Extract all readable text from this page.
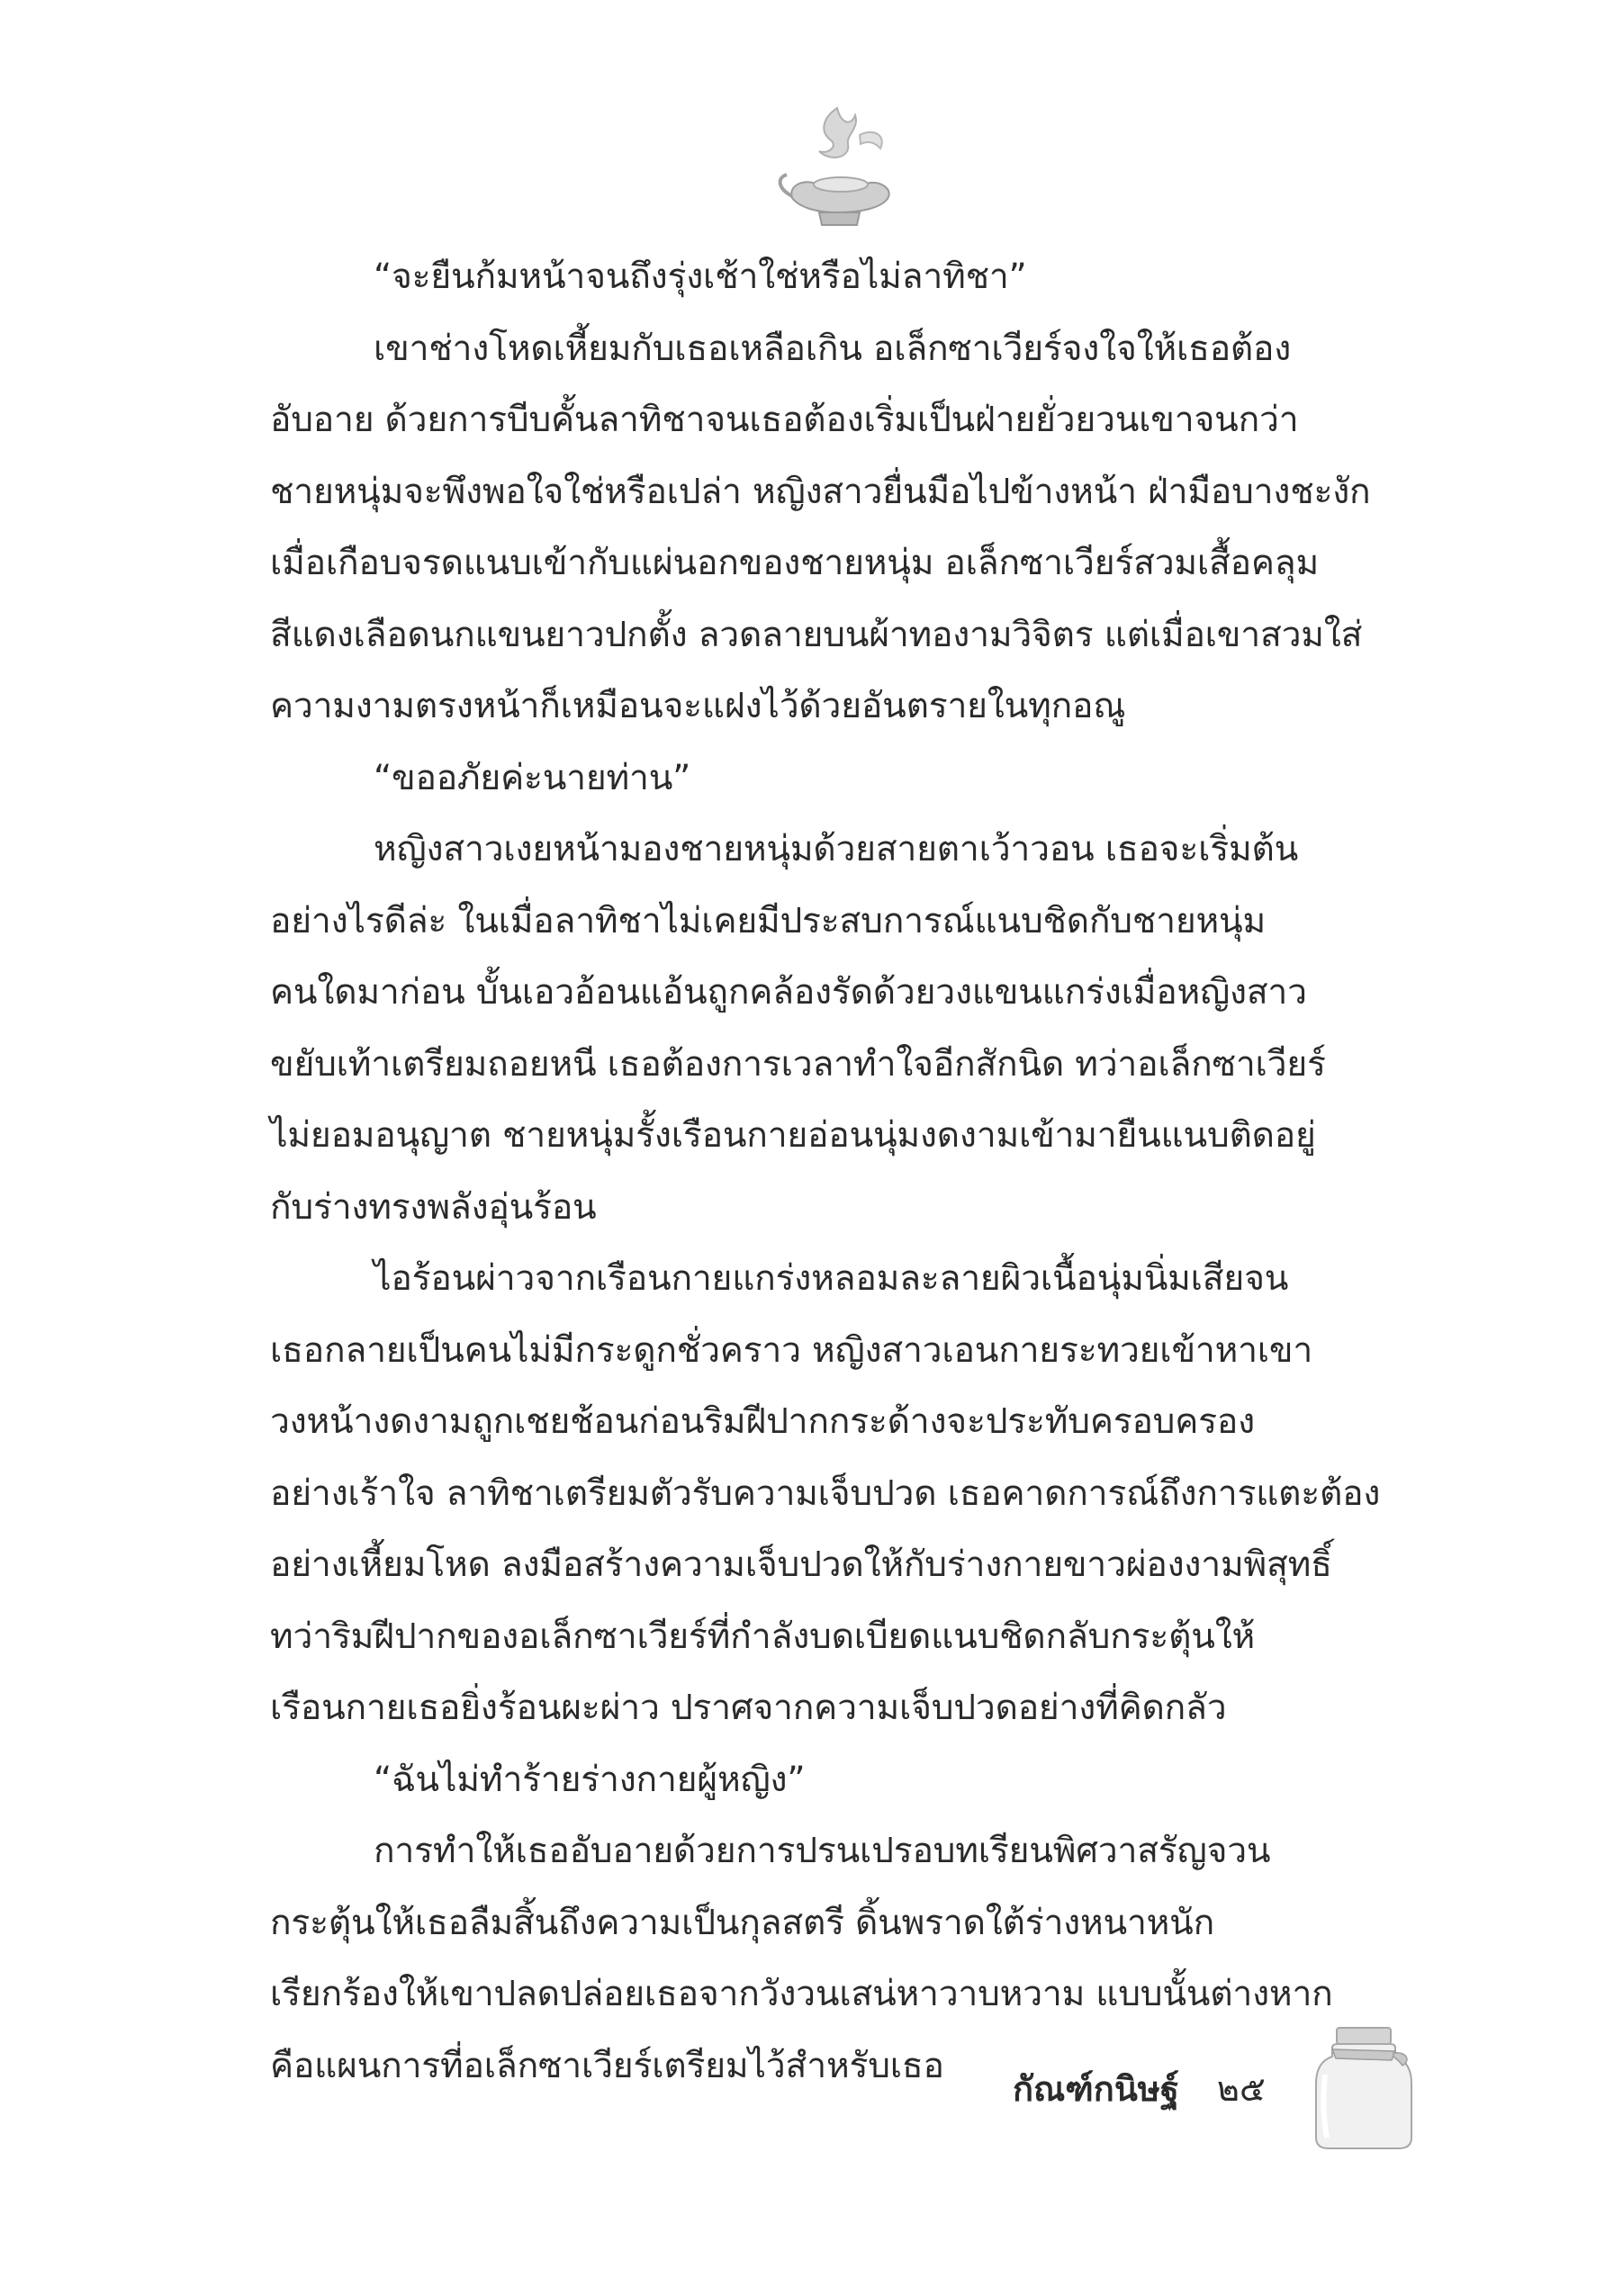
“จะยืนก้มหน้าจนถึงรุ่งเช้าใช่หรือไม่ลาทิชา”
เขาช่างโหดเหี้ยมกับเธอเหลือเกิน อเล็กซาเวียร์จงใจให้เธอต้อง
อับอาย ด้วยการบีบคั้นลาทิชาจนเธอต้องเริ่มเป็นฝ่ายยั่วยวนเขาจนกว่า
ชายหนุ่มจะพึงพอใจใช่หรือเปล่า หญิงสาวยื่นมือไปข้างหน้า ฝ่ามือบางชะงัก
เมื่อเกือบจรดแนบเข้ากับแผ่นอกของชายหนุ่ม อเล็กซาเวียร์สวมเสื้อคลุม
สีแดงเลือดนกแขนยาวปกตั้ง ลวดลายบนผ้าทองามวิจิตร แต่เมื่อเขาสวมใส่
ความงามตรงหน้าก็เหมือนจะแฝงไว้ด้วยอันตรายในทุกอณู
“ขออภัยค่ะนายท่าน”
หญิงสาวเงยหน้ามองชายหนุ่มด้วยสายตาเว้าวอน เธอจะเริ่มต้น
อย่างไรดีล่ะ ในเมื่อลาทิชาไม่เคยมีประสบการณ์แนบชิดกับชายหนุ่ม
คนใดมาก่อน บั้นเอวอ้อนแอ้นถูกคล้องรัดด้วยวงแขนแกร่งเมื่อหญิงสาว
ขยับเท้าเตรียมถอยหนี เธอต้องการเวลาทำใจอีกสักนิด ทว่าอเล็กซาเวียร์
ไม่ยอมอนุญาต ชายหนุ่มรั้งเรือนกายอ่อนนุ่มงดงามเข้ามายืนแนบติดอยู่
กับร่างทรงพลังอุ่นร้อน
ไอร้อนผ่าวจากเรือนกายแกร่งหลอมละลายผิวเนื้อนุ่มนิ่มเสียจน
เธอกลายเป็นคนไม่มีกระดูกชั่วคราว หญิงสาวเอนกายระทวยเข้าหาเขา
วงหน้างดงามถูกเชยช้อนก่อนริมฝีปากกระด้างจะประทับครอบครอง
อย่างเร้าใจ ลาทิชาเตรียมตัวรับความเจ็บปวด เธอคาดการณ์ถึงการแตะต้อง
อย่างเหี้ยมโหด ลงมือสร้างความเจ็บปวดให้กับร่างกายขาวผ่องงามพิสุทธิ์
ทว่าริมฝีปากของอเล็กซาเวียร์ที่กำลังบดเบียดแนบชิดกลับกระตุ้นให้
เรือนกายเธอยิ่งร้อนผะผ่าว ปราศจากความเจ็บปวดอย่างที่คิดกลัว
“ฉันไม่ทำร้ายร่างกายผู้หญิง”
การทำให้เธออับอายด้วยการปรนเปรอบทเรียนพิศวาสรัญจวน
กระตุ้นให้เธอลืมสิ้นถึงความเป็นกุลสตรี ดิ้นพราดใต้ร่างหนาหนัก
เรียกร้องให้เขาปลดปล่อยเธอจากวังวนเสน่หาวาบหวาม แบบนั้นต่างหาก
คือแผนการที่อเล็กซาเวียร์เตรียมไว้สำหรับเธอ
กัณฑ์กนิษฐ์ ๒๕
